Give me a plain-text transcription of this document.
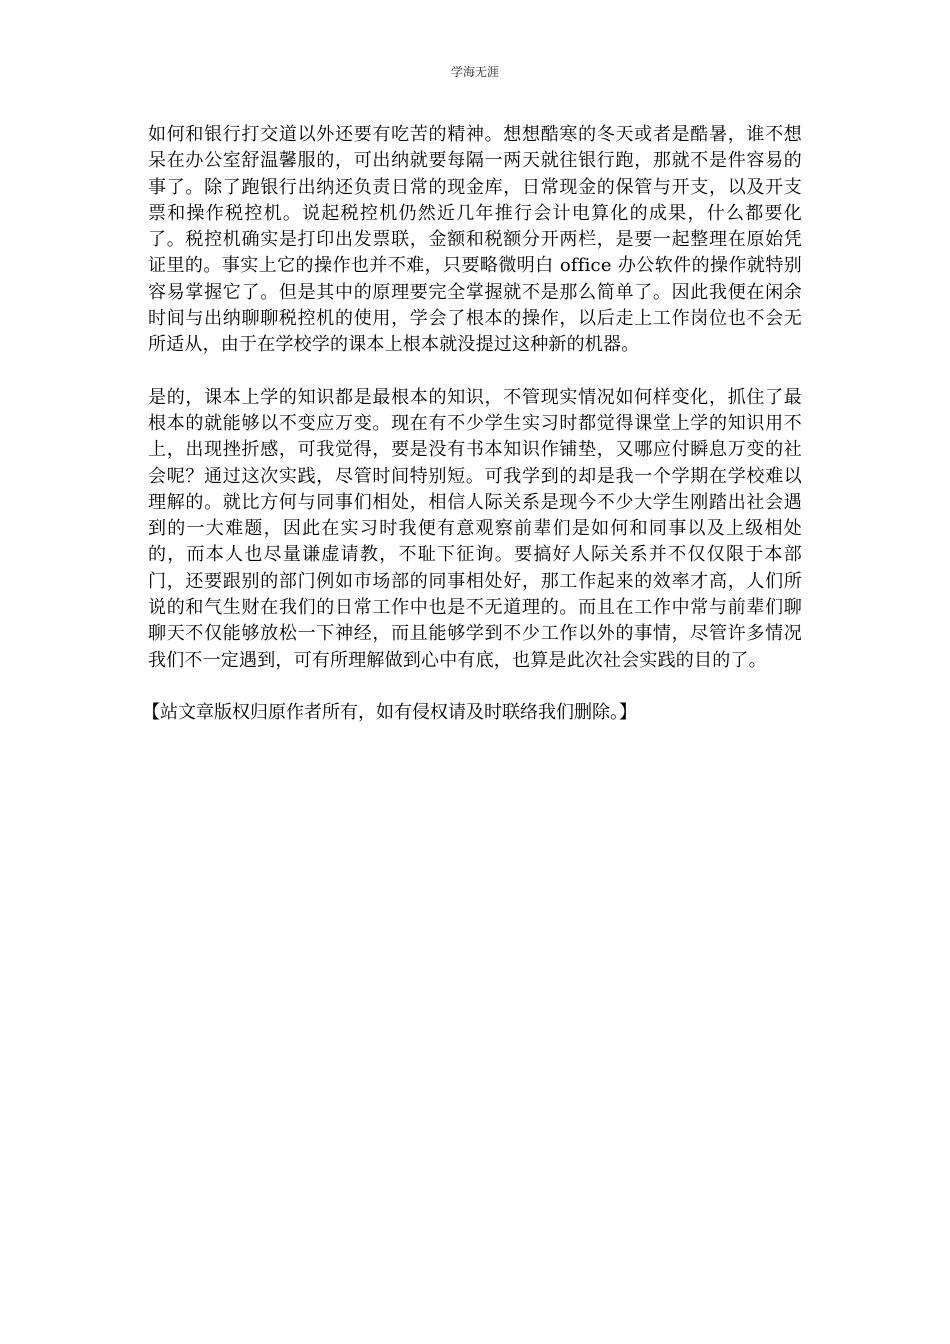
学海无涯

如何和银行打交道以外还要有吃苦的精神。想想酷寒的冬天或者是酷暑，谁不想呆在办公室舒温馨服的，可出纳就要每隔一两天就往银行跑，那就不是件容易的事了。除了跑银行出纳还负责日常的现金库，日常现金的保管与开支，以及开支票和操作税控机。说起税控机仍然近几年推行会计电算化的成果，什么都要化了。税控机确实是打印出发票联，金额和税额分开两栏，是要一起整理在原始凭证里的。事实上它的操作也并不难，只要略微明白 office 办公软件的操作就特别容易掌握它了。但是其中的原理要完全掌握就不是那么简单了。因此我便在闲余时间与出纳聊聊税控机的使用，学会了根本的操作，以后走上工作岗位也不会无所适从，由于在学校学的课本上根本就没提过这种新的机器。

是的，课本上学的知识都是最根本的知识，不管现实情况如何样变化，抓住了最根本的就能够以不变应万变。现在有不少学生实习时都觉得课堂上学的知识用不上，出现挫折感，可我觉得，要是没有书本知识作铺垫，又哪应付瞬息万变的社会呢？通过这次实践，尽管时间特别短。可我学到的却是我一个学期在学校难以理解的。就比方何与同事们相处，相信人际关系是现今不少大学生刚踏出社会遇到的一大难题，因此在实习时我便有意观察前辈们是如何和同事以及上级相处的，而本人也尽量谦虚请教，不耻下征询。要搞好人际关系并不仅仅限于本部门，还要跟别的部门例如市场部的同事相处好，那工作起来的效率才高，人们所说的和气生财在我们的日常工作中也是不无道理的。而且在工作中常与前辈们聊聊天不仅能够放松一下神经，而且能够学到不少工作以外的事情，尽管许多情况我们不一定遇到，可有所理解做到心中有底，也算是此次社会实践的目的了。

【站文章版权归原作者所有，如有侵权请及时联络我们删除。】
